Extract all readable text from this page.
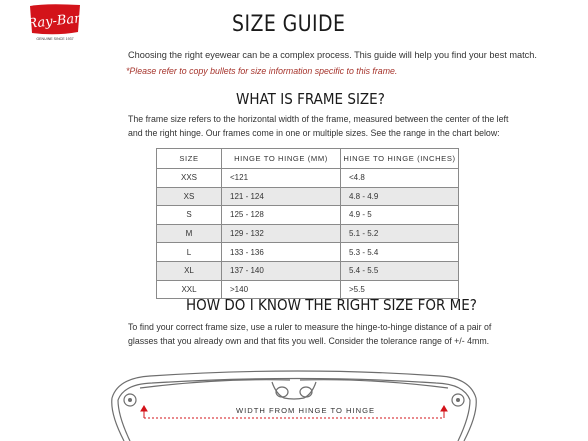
Ray-Ban
GENUINE SINCE 1937
SIZE GUIDE
Choosing the right eyewear can be a complex process. This guide will help you find your best match.
*Please refer to copy bullets for size information specific to this frame.
WHAT IS FRAME SIZE?
The frame size refers to the horizontal width of the frame, measured between the center of the left
and the right hinge. Our frames come in one or multiple sizes. See the range in the chart below:
SIZE	HINGE TO HINGE (MM)	HINGE TO HINGE (INCHES)
XXS	<121	<4.8
XS	121 - 124	4.8 - 4.9
S	125 - 128	4.9 - 5
M	129 - 132	5.1 - 5.2
L	133 - 136	5.3 - 5.4
XL	137 - 140	5.4 - 5.5
XXL	>140	>5.5
HOW DO I KNOW THE RIGHT SIZE FOR ME?
To find your correct frame size, use a ruler to measure the hinge-to-hinge distance of a pair of
glasses that you already own and that fits you well. Consider the tolerance range of +/- 4mm.
WIDTH FROM HINGE TO HINGE
